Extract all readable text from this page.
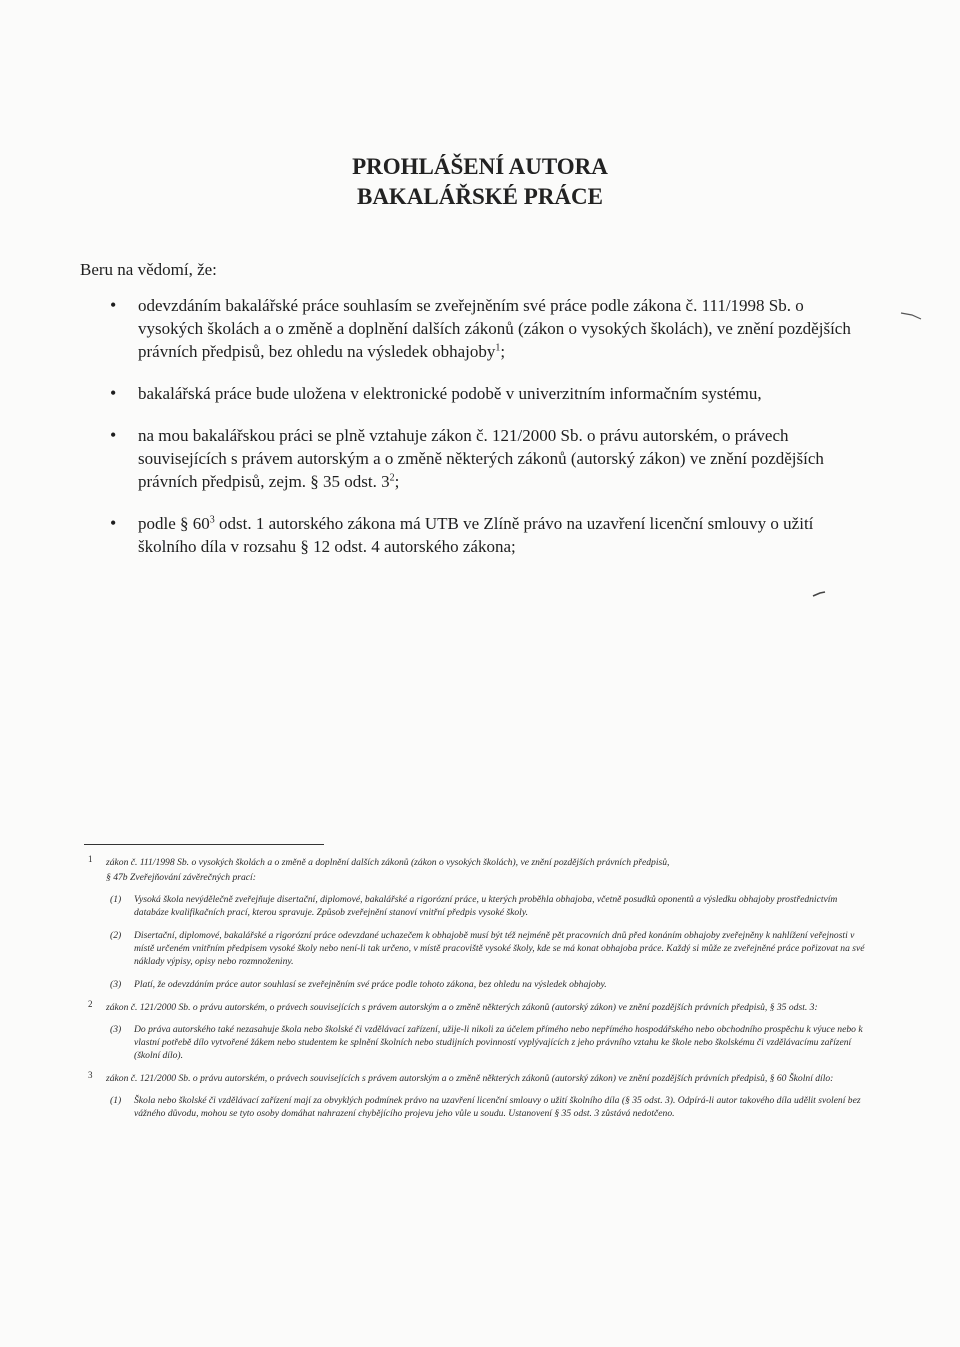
PROHLÁŠENÍ AUTORA
BAKALÁŘSKÉ PRÁCE
Beru na vědomí, že:
• odevzdáním bakalářské práce souhlasím se zveřejněním své práce podle zákona č. 111/1998 Sb. o vysokých školách a o změně a doplnění dalších zákonů (zákon o vysokých školách), ve znění pozdějších právních předpisů, bez ohledu na výsledek obhajoby$^1$;
• bakalářská práce bude uložena v elektronické podobě v univerzitním informačním systému,
• na mou bakalářskou práci se plně vztahuje zákon č. 121/2000 Sb. o právu autorském, o právech souvisejících s právem autorským a o změně některých zákonů (autorský zákon) ve znění pozdějších právních předpisů, zejm. § 35 odst. $3^2$;
• podle § $60^3$ odst. 1 autorského zákona má UTB ve Zlíně právo na uzavření licenční smlouvy o užití školního díla v rozsahu § 12 odst. 4 autorského zákona;
1 zákon č. 111/1998 Sb. o vysokých školách a o změně a doplnění dalších zákonů (zákon o vysokých školách), ve znění pozdějších právních předpisů,
§ 47b Zveřejňování závěrečných prací:
(1) Vysoká škola nevýdělečně zveřejňuje disertační, diplomové, bakalářské a rigorózní práce, u kterých proběhla obhajoba, včetně posudků oponentů a výsledku obhajoby prostřednictvím databáze kvalifikačních prací, kterou spravuje. Způsob zveřejnění stanoví vnitřní předpis vysoké školy.
(2) Disertační, diplomové, bakalářské a rigorózní práce odevzdané uchazečem k obhajobě musí být též nejméně pět pracovních dnů před konáním obhajoby zveřejněny k nahlížení veřejnosti v místě určeném vnitřním předpisem vysoké školy nebo není-li tak určeno, v místě pracoviště vysoké školy, kde se má konat obhajoba práce. Každý si může ze zveřejněné práce pořizovat na své náklady výpisy, opisy nebo rozmnoženiny.
(3) Platí, že odevzdáním práce autor souhlasí se zveřejněním své práce podle tohoto zákona, bez ohledu na výsledek obhajoby.
2 zákon č. 121/2000 Sb. o právu autorském, o právech souvisejících s právem autorským a o změně některých zákonů (autorský zákon) ve znění pozdějších právních předpisů, § 35 odst. 3:
(3) Do práva autorského také nezasahuje škola nebo školské či vzdělávací zařízení, užije-li nikoli za účelem přímého nebo nepřímého hospodářského nebo obchodního prospěchu k výuce nebo k vlastní potřebě dílo vytvořené žákem nebo studentem ke splnění školních nebo studijních povinností vyplývajících z jeho právního vztahu ke škole nebo školskému či vzdělávacímu zařízení (školní dílo).
3 zákon č. 121/2000 Sb. o právu autorském, o právech souvisejících s právem autorským a o změně některých zákonů (autorský zákon) ve znění pozdějších právních předpisů, § 60 Školní dílo:
(1) Škola nebo školské či vzdělávací zařízení mají za obvyklých podmínek právo na uzavření licenční smlouvy o užití školního díla (§ 35 odst. 3). Odpírá-li autor takového díla udělit svolení bez vážného důvodu, mohou se tyto osoby domáhat nahrazení chybějícího projevu jeho vůle u soudu. Ustanovení § 35 odst. 3 zůstává nedotčeno.
